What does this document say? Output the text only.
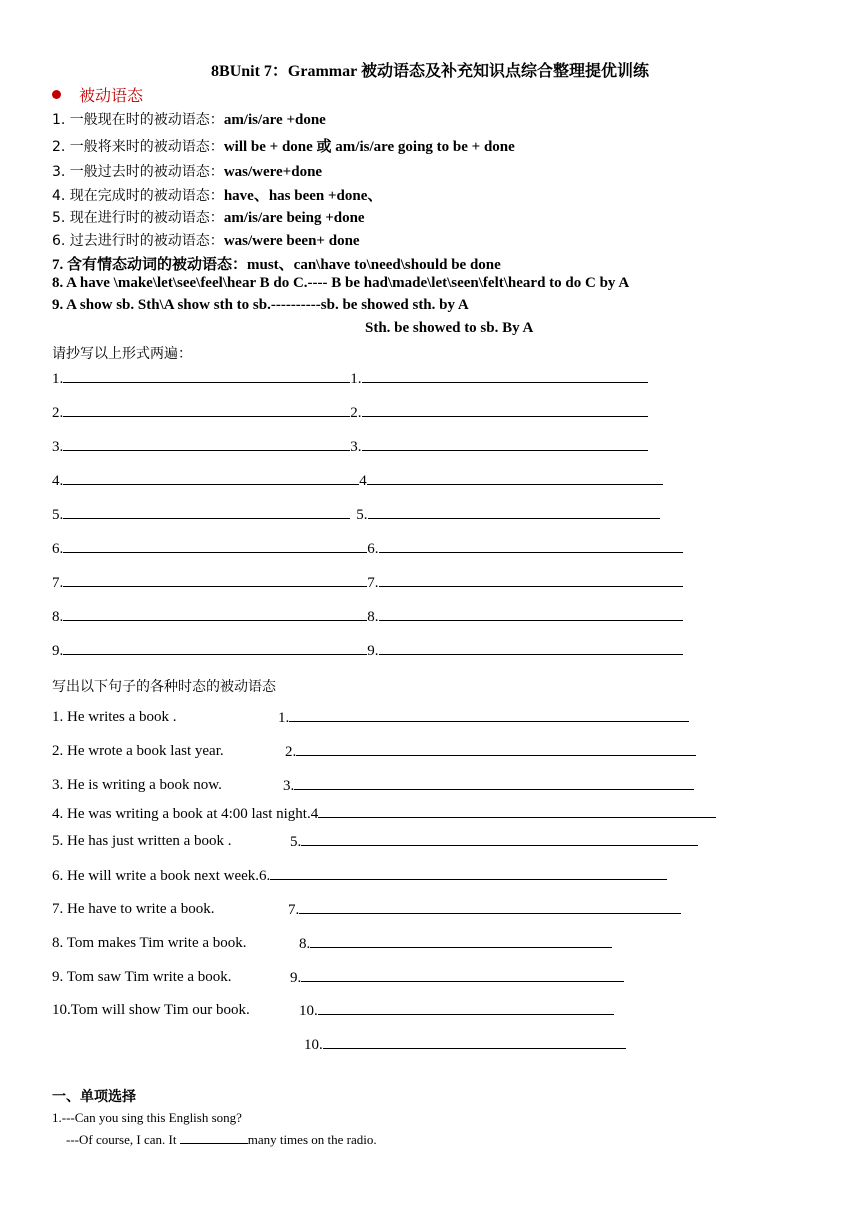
8BUnit 7：Grammar 被动语态及补充知识点综合整理提优训练
被动语态
1. 一般现在时的被动语态：am/is/are +done
2. 一般将来时的被动语态：will be + done 或 am/is/are going to be + done
3. 一般过去时的被动语态：was/were+done
4. 现在完成时的被动语态：have、has been +done、
5. 现在进行时的被动语态：am/is/are being +done
6. 过去进行时的被动语态：was/were been+ done
7. 含有情态动词的被动语态：must、can\have to\need\should be done
8. A have \make\let\see\feel\hear B do C.---- B be had\made\let\seen\felt\heard to do C by A
9. A show sb. Sth\A show sth to sb.----------sb. be showed sth. by A
Sth. be showed to sb. By A
请抄写以上形式两遍：
1.	1.
2.	2.
3.	3.
4.	4
5.	5.
6.	6.
7.	7.
8.	8.
9.	9.
写出以下句子的各种时态的被动语态
1. He writes a book .	1.
2. He wrote a book last year.	2.
3. He is writing a book now.	3.
4. He was writing a book at 4:00 last night.4
5. He has just written a book .	5.
6. He will write a book next week.6.
7. He have to write a book.	7.
8. Tom makes Tim write a book.	8.
9. Tom saw Tim write a book.	9.
10.Tom will show Tim our book.	10.
10.
一、单项选择
1.---Can you sing this English song?
---Of course, I can. It	many times on the radio.
